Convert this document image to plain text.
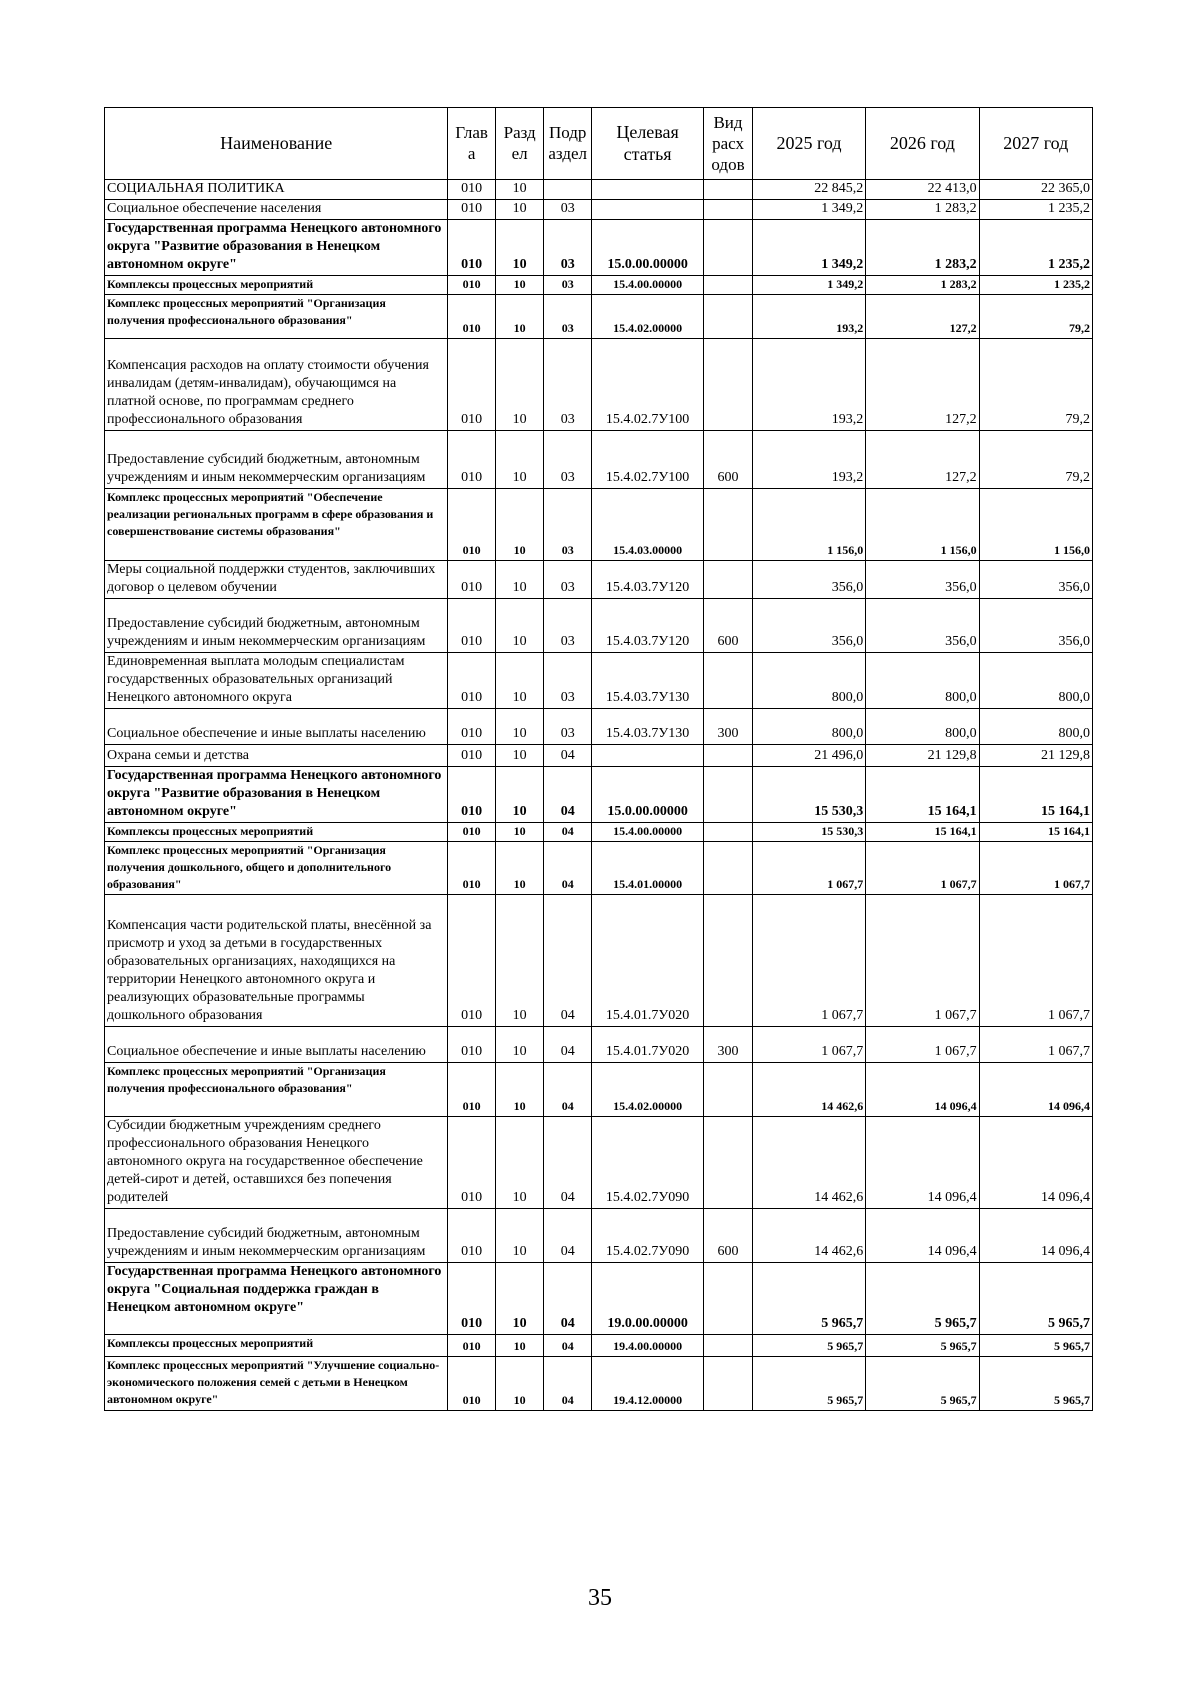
Наименование	Глав а	Разд ел	Подр аздел	Целевая статья	Вид расх одов	2025 год	2026 год	2027 год
СОЦИАЛЬНАЯ ПОЛИТИКА	010	10				22 845,2	22 413,0	22 365,0
Социальное обеспечение населения	010	10	03			1 349,2	1 283,2	1 235,2
Государственная программа Ненецкого автономного округа "Развитие образования в Ненецком автономном округе"	010	10	03	15.0.00.00000		1 349,2	1 283,2	1 235,2
Комплексы процессных мероприятий	010	10	03	15.4.00.00000		1 349,2	1 283,2	1 235,2
Комплекс процессных мероприятий "Организация получения профессионального образования"	010	10	03	15.4.02.00000		193,2	127,2	79,2
Компенсация расходов на оплату стоимости обучения инвалидам (детям-инвалидам), обучающимся на платной основе, по программам среднего профессионального образования	010	10	03	15.4.02.7У100		193,2	127,2	79,2
Предоставление субсидий бюджетным, автономным учреждениям и иным некоммерческим организациям	010	10	03	15.4.02.7У100	600	193,2	127,2	79,2
Комплекс процессных мероприятий "Обеспечение реализации региональных программ в сфере образования и совершенствование системы образования"	010	10	03	15.4.03.00000		1 156,0	1 156,0	1 156,0
Меры социальной поддержки студентов, заключивших договор о целевом обучении	010	10	03	15.4.03.7У120		356,0	356,0	356,0
Предоставление субсидий бюджетным, автономным учреждениям и иным некоммерческим организациям	010	10	03	15.4.03.7У120	600	356,0	356,0	356,0
Единовременная выплата молодым специалистам государственных образовательных организаций Ненецкого автономного округа	010	10	03	15.4.03.7У130		800,0	800,0	800,0
Социальное обеспечение и иные выплаты населению	010	10	03	15.4.03.7У130	300	800,0	800,0	800,0
Охрана семьи и детства	010	10	04			21 496,0	21 129,8	21 129,8
Государственная программа Ненецкого автономного округа "Развитие образования в Ненецком автономном округе"	010	10	04	15.0.00.00000		15 530,3	15 164,1	15 164,1
Комплексы процессных мероприятий	010	10	04	15.4.00.00000		15 530,3	15 164,1	15 164,1
Комплекс процессных мероприятий "Организация получения дошкольного, общего и дополнительного образования"	010	10	04	15.4.01.00000		1 067,7	1 067,7	1 067,7
Компенсация части родительской платы, внесённой за присмотр и уход за детьми в государственных образовательных организациях, находящихся на территории Ненецкого автономного округа и реализующих образовательные программы дошкольного образования	010	10	04	15.4.01.7У020		1 067,7	1 067,7	1 067,7
Социальное обеспечение и иные выплаты населению	010	10	04	15.4.01.7У020	300	1 067,7	1 067,7	1 067,7
Комплекс процессных мероприятий "Организация получения профессионального образования"	010	10	04	15.4.02.00000		14 462,6	14 096,4	14 096,4
Субсидии бюджетным учреждениям среднего профессионального образования Ненецкого автономного округа на государственное обеспечение детей-сирот и детей, оставшихся без попечения родителей	010	10	04	15.4.02.7У090		14 462,6	14 096,4	14 096,4
Предоставление субсидий бюджетным, автономным учреждениям и иным некоммерческим организациям	010	10	04	15.4.02.7У090	600	14 462,6	14 096,4	14 096,4
Государственная программа Ненецкого автономного округа "Социальная поддержка граждан в Ненецком автономном округе"	010	10	04	19.0.00.00000		5 965,7	5 965,7	5 965,7
Комплексы процессных мероприятий	010	10	04	19.4.00.00000		5 965,7	5 965,7	5 965,7
Комплекс процессных мероприятий "Улучшение социально-экономического положения семей с детьми в Ненецком автономном округе"	010	10	04	19.4.12.00000		5 965,7	5 965,7	5 965,7
35
